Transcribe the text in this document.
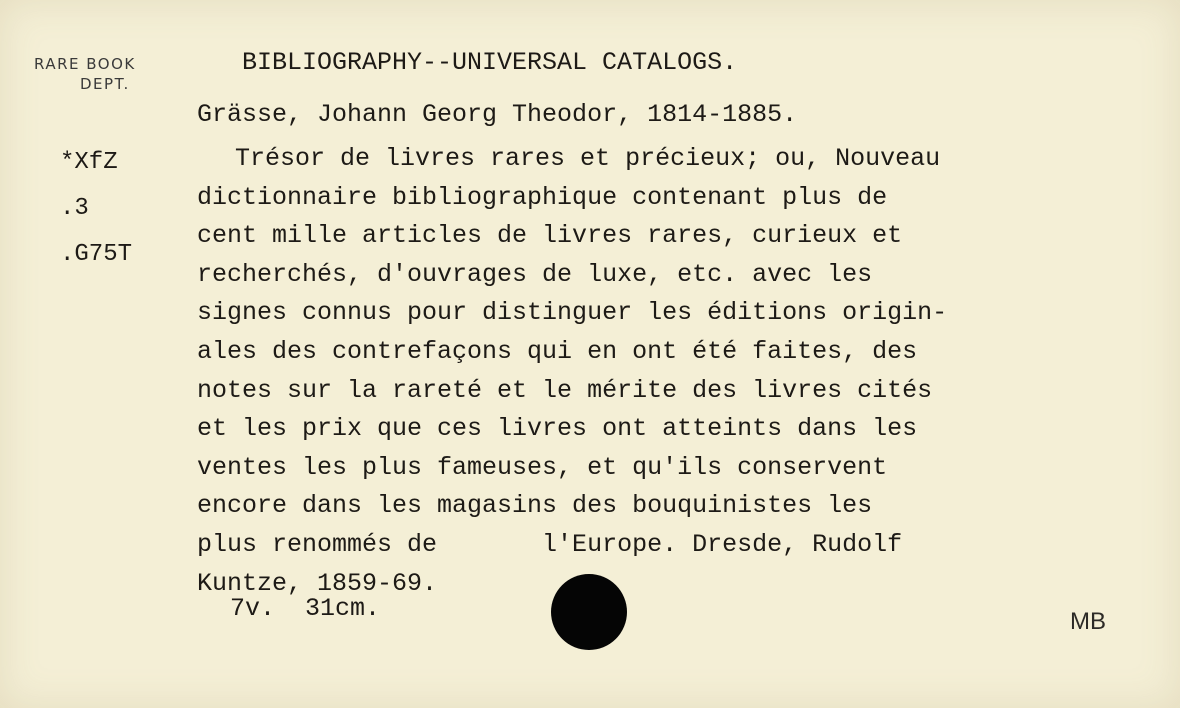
RARE BOOK
DEPT.
*XfZ
.3
.G75T
BIBLIOGRAPHY--UNIVERSAL CATALOGS.
Grässe, Johann Georg Theodor, 1814-1885.
Trésor de livres rares et précieux; ou, Nouveau
dictionnaire bibliographique contenant plus de
cent mille articles de livres rares, curieux et
recherchés, d'ouvrages de luxe, etc. avec les
signes connus pour distinguer les éditions origin-
ales des contrefaçons qui en ont été faites, des
notes sur la rareté et le mérite des livres cités
et les prix que ces livres ont atteints dans les
ventes les plus fameuses, et qu'ils conservent
encore dans les magasins des bouquinistes les
plus renommés de       l'Europe. Dresde, Rudolf
Kuntze, 1859-69.
7v.  31cm.	MB
